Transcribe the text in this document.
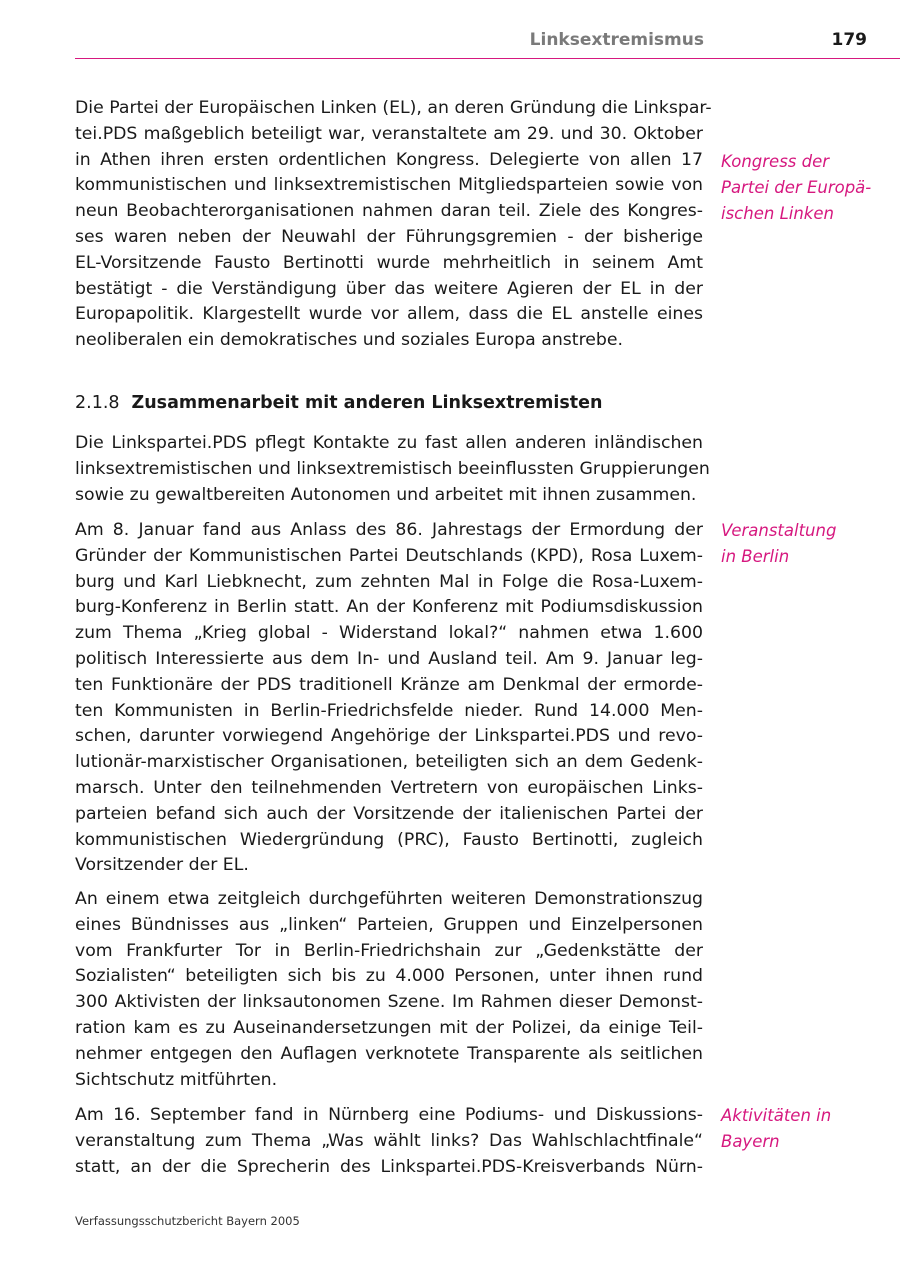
Linksextremismus	179

Die Partei der Europäischen Linken (EL), an deren Gründung die Linkspar-
tei.PDS maßgeblich beteiligt war, veranstaltete am 29. und 30. Oktober
in Athen ihren ersten ordentlichen Kongress. Delegierte von allen 17
kommunistischen und linksextremistischen Mitgliedsparteien sowie von
neun Beobachterorganisationen nahmen daran teil. Ziele des Kongres-
ses waren neben der Neuwahl der Führungsgremien - der bisherige
EL-Vorsitzende Fausto Bertinotti wurde mehrheitlich in seinem Amt
bestätigt - die Verständigung über das weitere Agieren der EL in der
Europapolitik. Klargestellt wurde vor allem, dass die EL anstelle eines
neoliberalen ein demokratisches und soziales Europa anstrebe.

Kongress der
Partei der Europä-
ischen Linken

2.1.8 Zusammenarbeit mit anderen Linksextremisten

Die Linkspartei.PDS pflegt Kontakte zu fast allen anderen inländischen
linksextremistischen und linksextremistisch beeinflussten Gruppierungen
sowie zu gewaltbereiten Autonomen und arbeitet mit ihnen zusammen.

Am 8. Januar fand aus Anlass des 86. Jahrestags der Ermordung der
Gründer der Kommunistischen Partei Deutschlands (KPD), Rosa Luxem-
burg und Karl Liebknecht, zum zehnten Mal in Folge die Rosa-Luxem-
burg-Konferenz in Berlin statt. An der Konferenz mit Podiumsdiskussion
zum Thema „Krieg global - Widerstand lokal?“ nahmen etwa 1.600
politisch Interessierte aus dem In- und Ausland teil. Am 9. Januar leg-
ten Funktionäre der PDS traditionell Kränze am Denkmal der ermorde-
ten Kommunisten in Berlin-Friedrichsfelde nieder. Rund 14.000 Men-
schen, darunter vorwiegend Angehörige der Linkspartei.PDS und revo-
lutionär-marxistischer Organisationen, beteiligten sich an dem Gedenk-
marsch. Unter den teilnehmenden Vertretern von europäischen Links-
parteien befand sich auch der Vorsitzende der italienischen Partei der
kommunistischen Wiedergründung (PRC), Fausto Bertinotti, zugleich
Vorsitzender der EL.

Veranstaltung
in Berlin

An einem etwa zeitgleich durchgeführten weiteren Demonstrationszug
eines Bündnisses aus „linken“ Parteien, Gruppen und Einzelpersonen
vom Frankfurter Tor in Berlin-Friedrichshain zur „Gedenkstätte der
Sozialisten“ beteiligten sich bis zu 4.000 Personen, unter ihnen rund
300 Aktivisten der linksautonomen Szene. Im Rahmen dieser Demonst-
ration kam es zu Auseinandersetzungen mit der Polizei, da einige Teil-
nehmer entgegen den Auflagen verknotete Transparente als seitlichen
Sichtschutz mitführten.

Am 16. September fand in Nürnberg eine Podiums- und Diskussions-
veranstaltung zum Thema „Was wählt links? Das Wahlschlachtfinale“
statt, an der die Sprecherin des Linkspartei.PDS-Kreisverbands Nürn-

Aktivitäten in
Bayern

Verfassungsschutzbericht Bayern 2005
